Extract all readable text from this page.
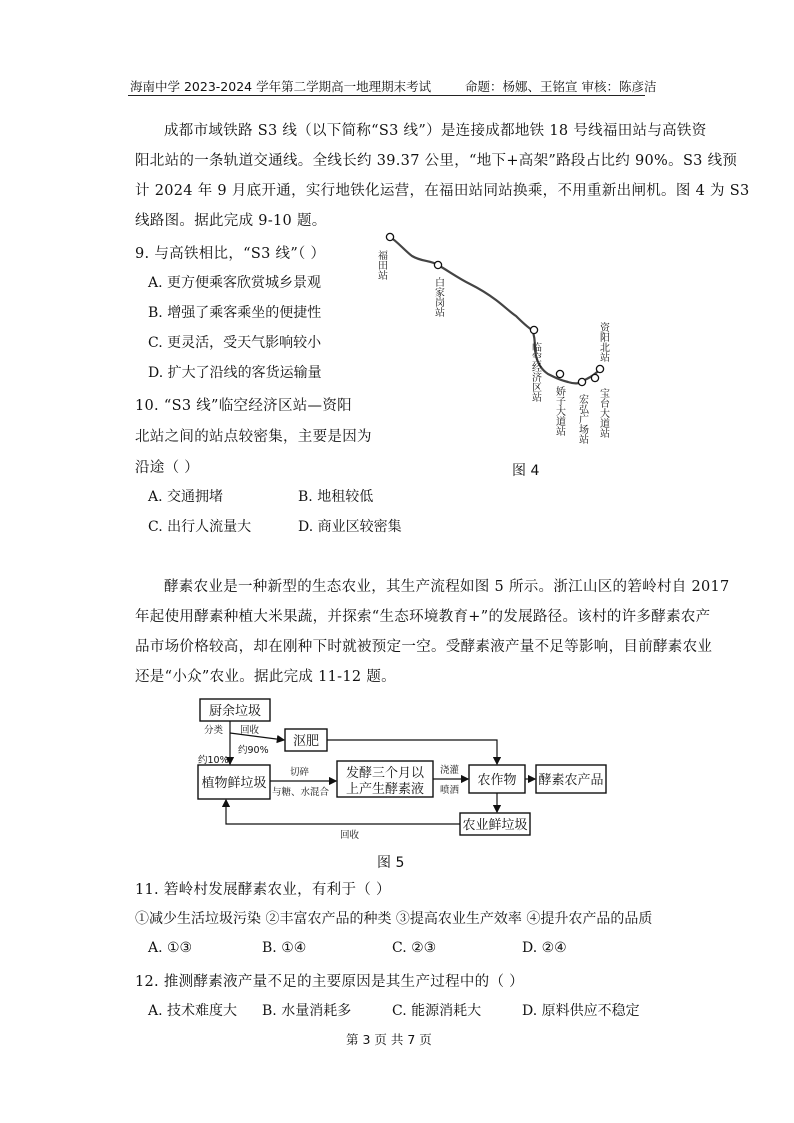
海南中学 2023-2024 学年第二学期高一地理期末考试	命题：杨娜、王铭宣 审核：陈彦洁
成都市域铁路 S3 线（以下简称“S3 线”）是连接成都地铁 18 号线福田站与高铁资
阳北站的一条轨道交通线。全线长约 39.37 公里，“地下+高架”路段占比约 90%。S3 线预
计 2024 年 9 月底开通，实行地铁化运营，在福田站同站换乘，不用重新出闸机。图 4 为 S3
线路图。据此完成 9-10 题。
9. 与高铁相比，“S3 线”（ ）
A. 更方便乘客欣赏城乡景观
B. 增强了乘客乘坐的便捷性
C. 更灵活，受天气影响较小
D. 扩大了沿线的客货运输量
10. “S3 线”临空经济区站—资阳
北站之间的站点较密集，主要是因为
沿途（ ）
A. 交通拥堵	B. 地租较低
C. 出行人流量大	D. 商业区较密集
福田站
白家岗站
临空经济区站
娇子大道站 宏弘广场站 宝台大道站
资阳北站
图 4
酵素农业是一种新型的生态农业，其生产流程如图 5 所示。浙江山区的箬岭村自 2017
年起使用酵素种植大米果蔬，并探索“生态环境教育+”的发展路径。该村的许多酵素农产
品市场价格较高，却在刚种下时就被预定一空。受酵素液产量不足等影响，目前酵素农业
还是“小众”农业。据此完成 11-12 题。
厨余垃圾
沤肥
植物鲜垃圾
发酵三个月以
上产生酵素液
农作物 酵素农产品
农业鲜垃圾
分类 回收
约90%
约10%
切碎
与糖、水混合
浇灌
喷洒
回收
图 5
11. 箬岭村发展酵素农业，有利于（ ）
①减少生活垃圾污染 ②丰富农产品的种类 ③提高农业生产效率 ④提升农产品的品质
A. ①③	B. ①④	C. ②③	D. ②④
12. 推测酵素液产量不足的主要原因是其生产过程中的（ ）
A. 技术难度大 B. 水量消耗多	C. 能源消耗大	D. 原料供应不稳定
第 3 页 共 7 页
